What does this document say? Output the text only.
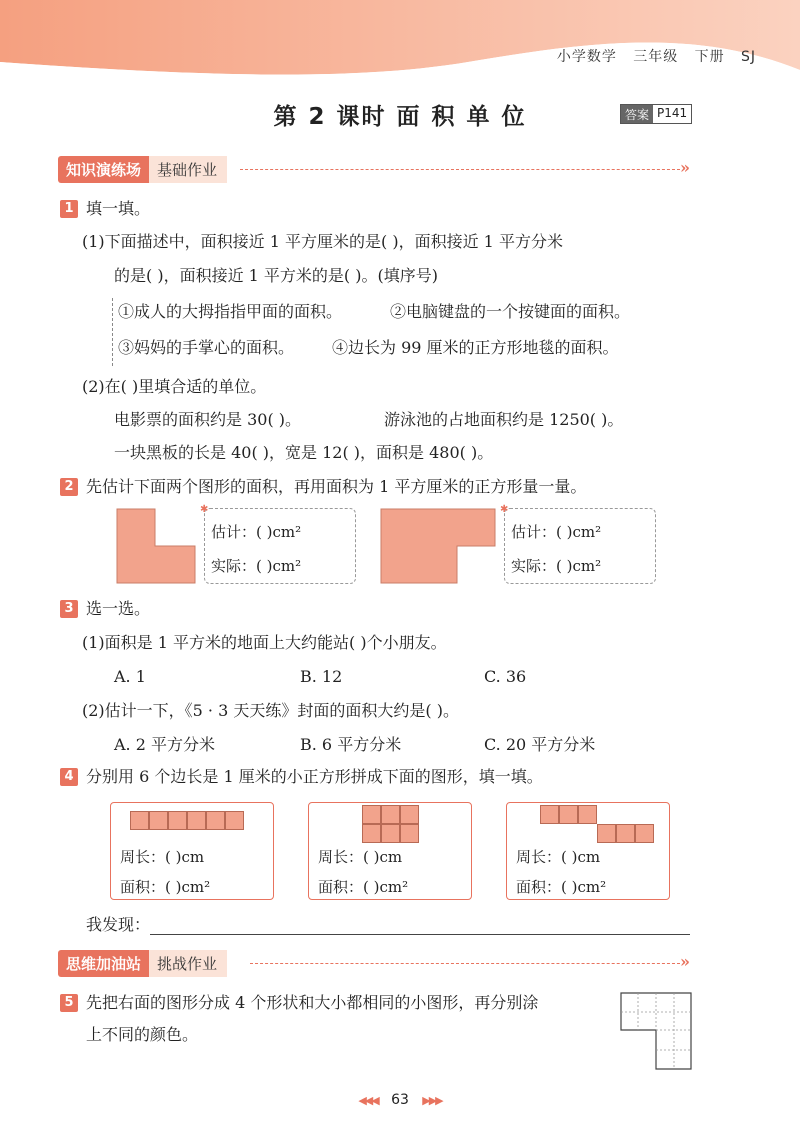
小学数学 三年级 下册 SJ
第 2 课时 面 积 单 位	答案 P141
知识演练场	基础作业	»
1 填一填。
(1)下面描述中，面积接近 1 平方厘米的是( )，面积接近 1 平方分米
的是( )，面积接近 1 平方米的是( )。(填序号)
①成人的大拇指指甲面的面积。	②电脑键盘的一个按键面的面积。
③妈妈的手掌心的面积。 ④边长为 99 厘米的正方形地毯的面积。
(2)在( )里填合适的单位。
电影票的面积约是 30( )。	游泳池的占地面积约是 1250( )。
一块黑板的长是 40( )，宽是 12( )，面积是 480( )。
2 先估计下面两个图形的面积，再用面积为 1 平方厘米的正方形量一量。
✱
估计：( )cm²
实际：( )cm²
✱
估计：( )cm²
实际：( )cm²
3 选一选。
(1)面积是 1 平方米的地面上大约能站( )个小朋友。
A. 1	B. 12	C. 36
(2)估计一下，《5 · 3 天天练》封面的面积大约是( )。
A. 2 平方分米	B. 6 平方分米	C. 20 平方分米
4 分别用 6 个边长是 1 厘米的小正方形拼成下面的图形，填一填。
周长：( )cm
面积：( )cm²
周长：( )cm
面积：( )cm²
周长：( )cm
面积：( )cm²
我发现：
思维加油站	挑战作业	»
5 先把右面的图形分成 4 个形状和大小都相同的小图形，再分别涂
上不同的颜色。
◀◀◀ 63 ▶▶▶
